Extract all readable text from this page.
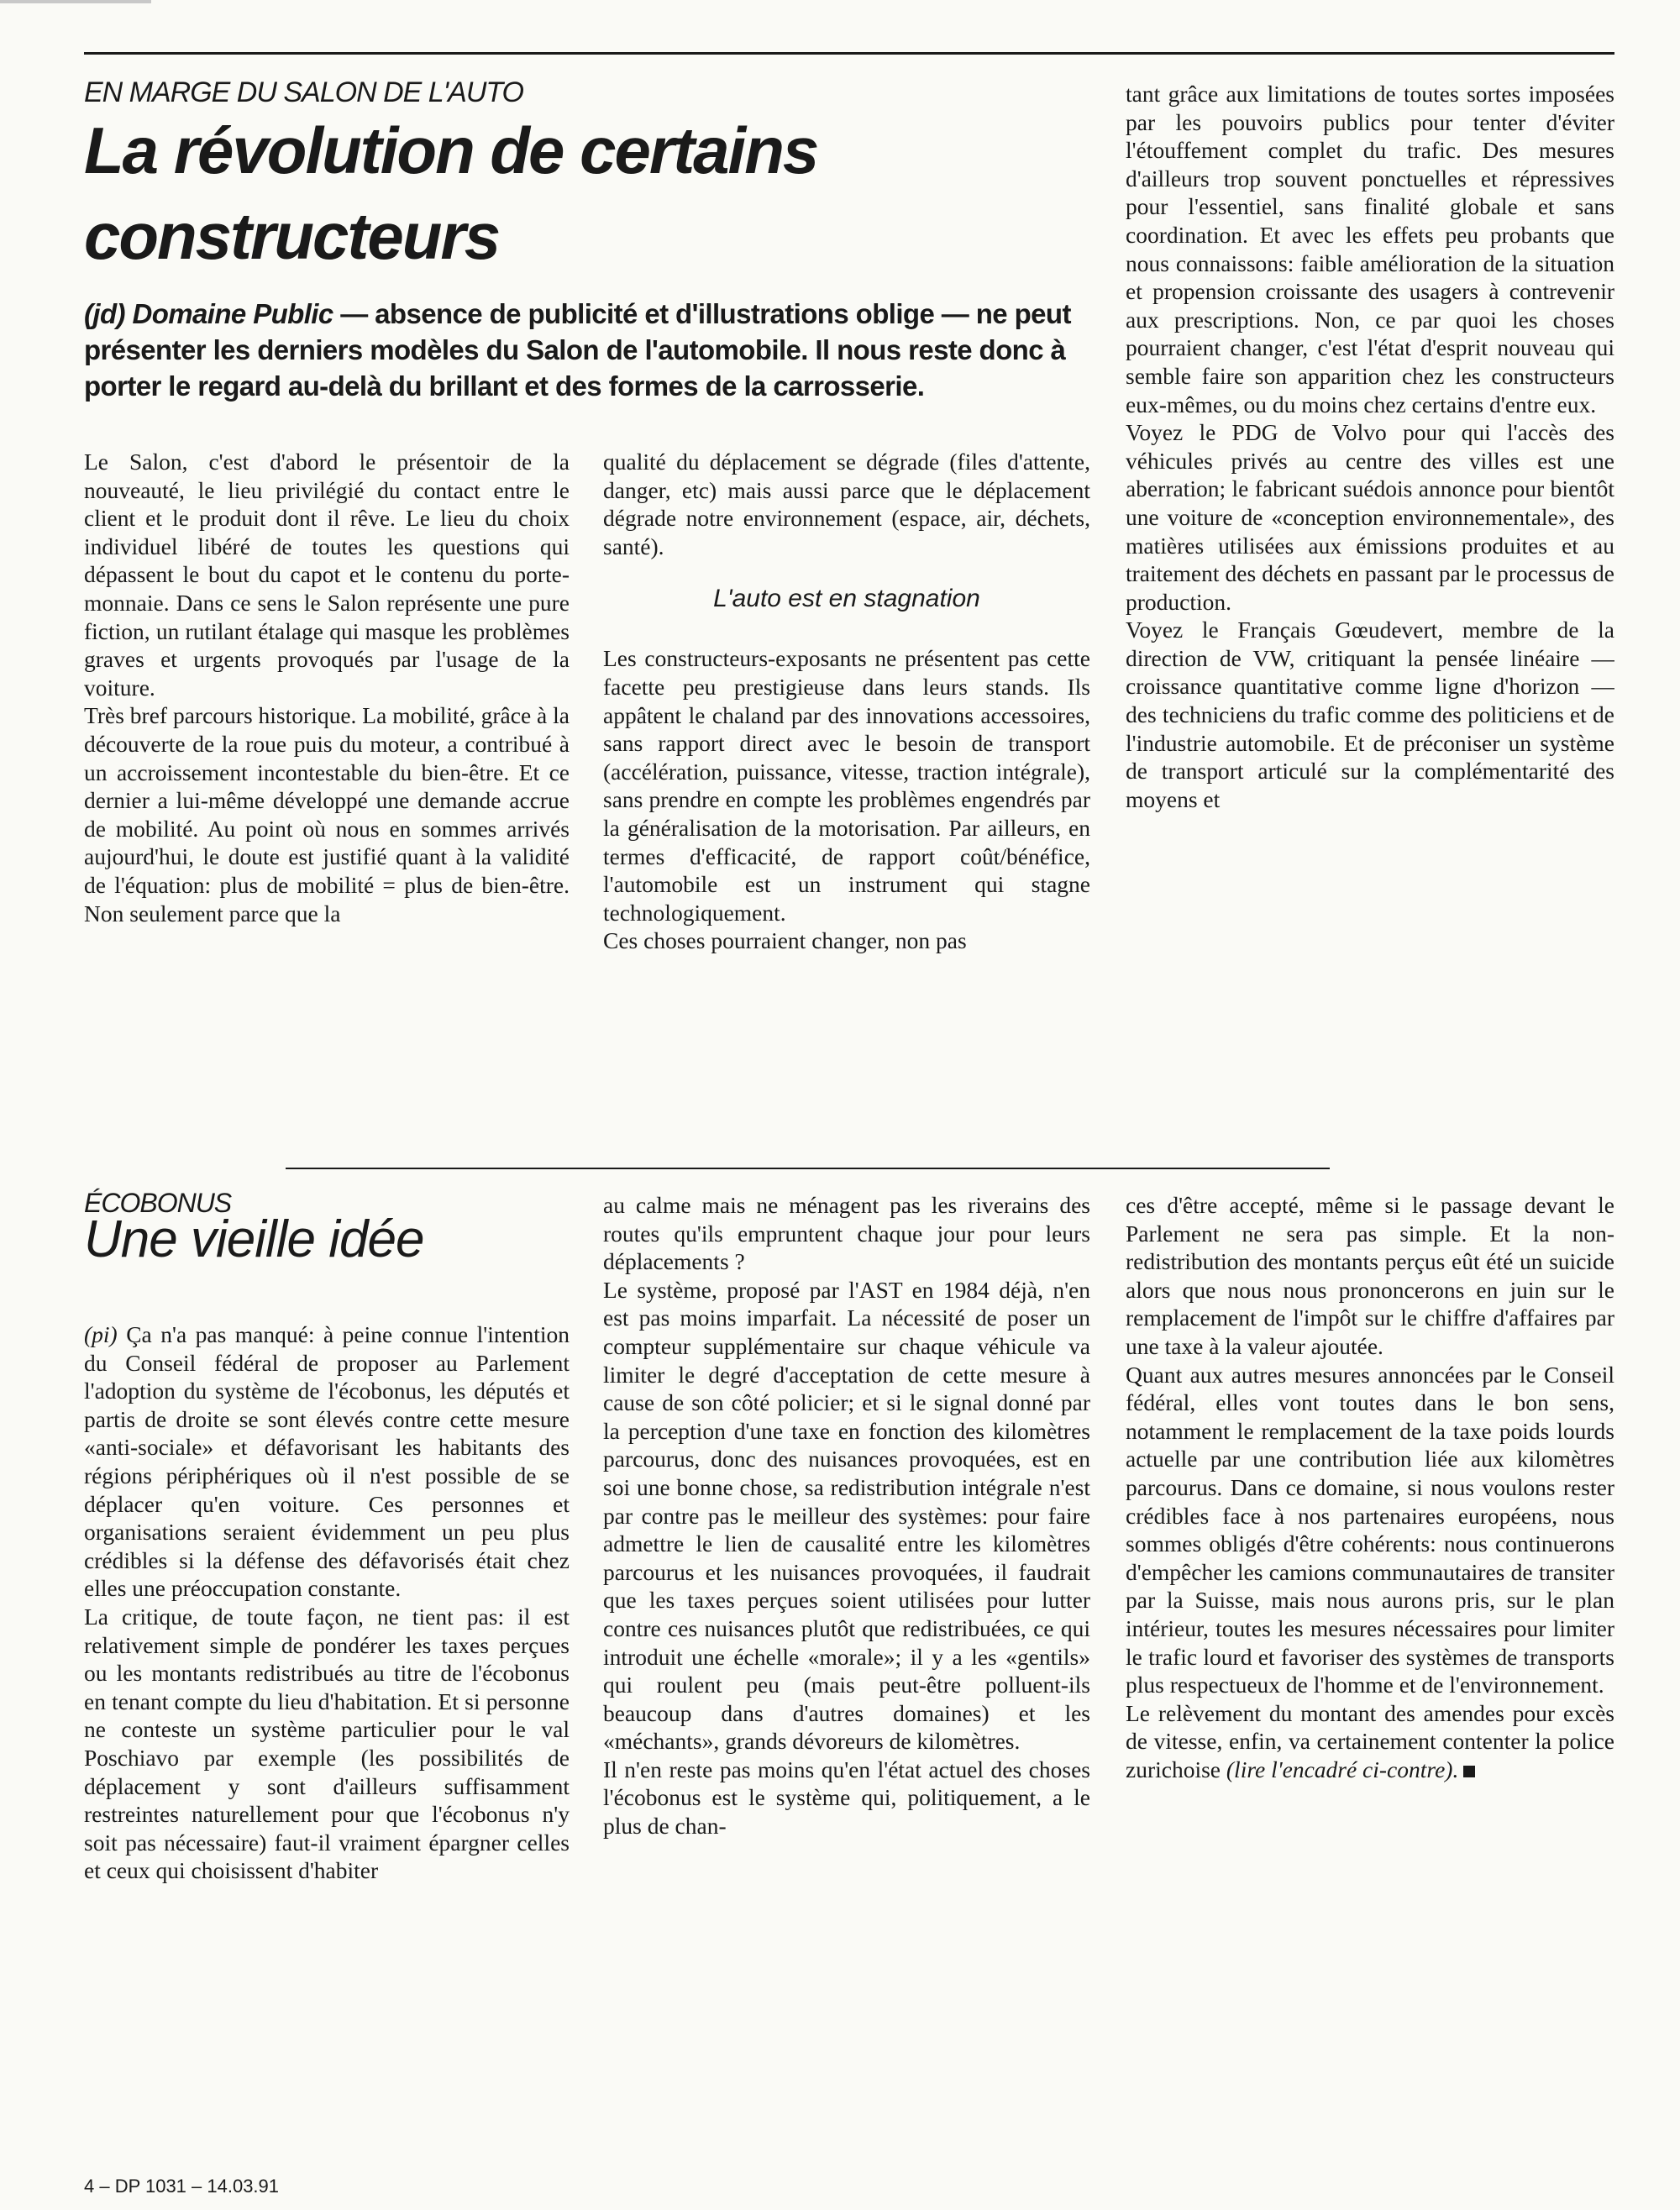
EN MARGE DU SALON DE L'AUTO
La révolution de certains constructeurs

(jd) Domaine Public — absence de publicité et d'illustrations oblige — ne peut présenter les derniers modèles du Salon de l'automobile. Il nous reste donc à porter le regard au-delà du brillant et des formes de la carrosserie.

Le Salon, c'est d'abord le présentoir de la nouveauté, le lieu privilégié du contact entre le client et le produit dont il rêve. Le lieu du choix individuel libéré de toutes les questions qui dépassent le bout du capot et le contenu du porte-monnaie. Dans ce sens le Salon représente une pure fiction, un rutilant étalage qui masque les problèmes graves et urgents provoqués par l'usage de la voiture.

Très bref parcours historique. La mobilité, grâce à la découverte de la roue puis du moteur, a contribué à un accroissement incontestable du bien-être. Et ce dernier a lui-même développé une demande accrue de mobilité. Au point où nous en sommes arrivés aujourd'hui, le doute est justifié quant à la validité de l'équation: plus de mobilité = plus de bien-être. Non seulement parce que la

qualité du déplacement se dégrade (files d'attente, danger, etc) mais aussi parce que le déplacement dégrade notre environnement (espace, air, déchets, santé).

L'auto est en stagnation

Les constructeurs-exposants ne présentent pas cette facette peu prestigieuse dans leurs stands. Ils appâtent le chaland par des innovations accessoires, sans rapport direct avec le besoin de transport (accélération, puissance, vitesse, traction intégrale), sans prendre en compte les problèmes engendrés par la généralisation de la motorisation. Par ailleurs, en termes d'efficacité, de rapport coût/bénéfice, l'automobile est un instrument qui stagne technologiquement.

Ces choses pourraient changer, non pas

tant grâce aux limitations de toutes sortes imposées par les pouvoirs publics pour tenter d'éviter l'étouffement complet du trafic. Des mesures d'ailleurs trop souvent ponctuelles et répressives pour l'essentiel, sans finalité globale et sans coordination. Et avec les effets peu probants que nous connaissons: faible amélioration de la situation et propension croissante des usagers à contrevenir aux prescriptions. Non, ce par quoi les choses pourraient changer, c'est l'état d'esprit nouveau qui semble faire son apparition chez les constructeurs eux-mêmes, ou du moins chez certains d'entre eux.

Voyez le PDG de Volvo pour qui l'accès des véhicules privés au centre des villes est une aberration; le fabricant suédois annonce pour bientôt une voiture de «conception environnementale», des matières utilisées aux émissions produites et au traitement des déchets en passant par le processus de production.

Voyez le Français Gœudevert, membre de la direction de VW, critiquant la pensée linéaire — croissance quantitative comme ligne d'horizon — des techniciens du trafic comme des politiciens et de l'industrie automobile. Et de préconiser un système de transport articulé sur la complémentarité des moyens et

ÉCOBONUS
Une vieille idée

(pi) Ça n'a pas manqué: à peine connue l'intention du Conseil fédéral de proposer au Parlement l'adoption du système de l'écobonus, les députés et partis de droite se sont élevés contre cette mesure «anti-sociale» et défavorisant les habitants des régions périphériques où il n'est possible de se déplacer qu'en voiture. Ces personnes et organisations seraient évidemment un peu plus crédibles si la défense des défavorisés était chez elles une préoccupation constante.

La critique, de toute façon, ne tient pas: il est relativement simple de pondérer les taxes perçues ou les montants redistribués au titre de l'écobonus en tenant compte du lieu d'habitation. Et si personne ne conteste un système particulier pour le val Poschiavo par exemple (les possibilités de déplacement y sont d'ailleurs suffisamment restreintes naturellement pour que l'écobonus n'y soit pas nécessaire) faut-il vraiment épargner celles et ceux qui choisissent d'habiter

au calme mais ne ménagent pas les riverains des routes qu'ils empruntent chaque jour pour leurs déplacements ?

Le système, proposé par l'AST en 1984 déjà, n'en est pas moins imparfait. La nécessité de poser un compteur supplémentaire sur chaque véhicule va limiter le degré d'acceptation de cette mesure à cause de son côté policier; et si le signal donné par la perception d'une taxe en fonction des kilomètres parcourus, donc des nuisances provoquées, est en soi une bonne chose, sa redistribution intégrale n'est par contre pas le meilleur des systèmes: pour faire admettre le lien de causalité entre les kilomètres parcourus et les nuisances provoquées, il faudrait que les taxes perçues soient utilisées pour lutter contre ces nuisances plutôt que redistribuées, ce qui introduit une échelle «morale»; il y a les «gentils» qui roulent peu (mais peut-être polluent-ils beaucoup dans d'autres domaines) et les «méchants», grands dévoreurs de kilomètres.

Il n'en reste pas moins qu'en l'état actuel des choses l'écobonus est le système qui, politiquement, a le plus de chan-

ces d'être accepté, même si le passage devant le Parlement ne sera pas simple. Et la non-redistribution des montants perçus eût été un suicide alors que nous nous prononcerons en juin sur le remplacement de l'impôt sur le chiffre d'affaires par une taxe à la valeur ajoutée.

Quant aux autres mesures annoncées par le Conseil fédéral, elles vont toutes dans le bon sens, notamment le remplacement de la taxe poids lourds actuelle par une contribution liée aux kilomètres parcourus. Dans ce domaine, si nous voulons rester crédibles face à nos partenaires européens, nous sommes obligés d'être cohérents: nous continuerons d'empêcher les camions communautaires de transiter par la Suisse, mais nous aurons pris, sur le plan intérieur, toutes les mesures nécessaires pour limiter le trafic lourd et favoriser des systèmes de transports plus respectueux de l'homme et de l'environnement.

Le relèvement du montant des amendes pour excès de vitesse, enfin, va certainement contenter la police zurichoise (lire l'encadré ci-contre).

4 – DP 1031 – 14.03.91
